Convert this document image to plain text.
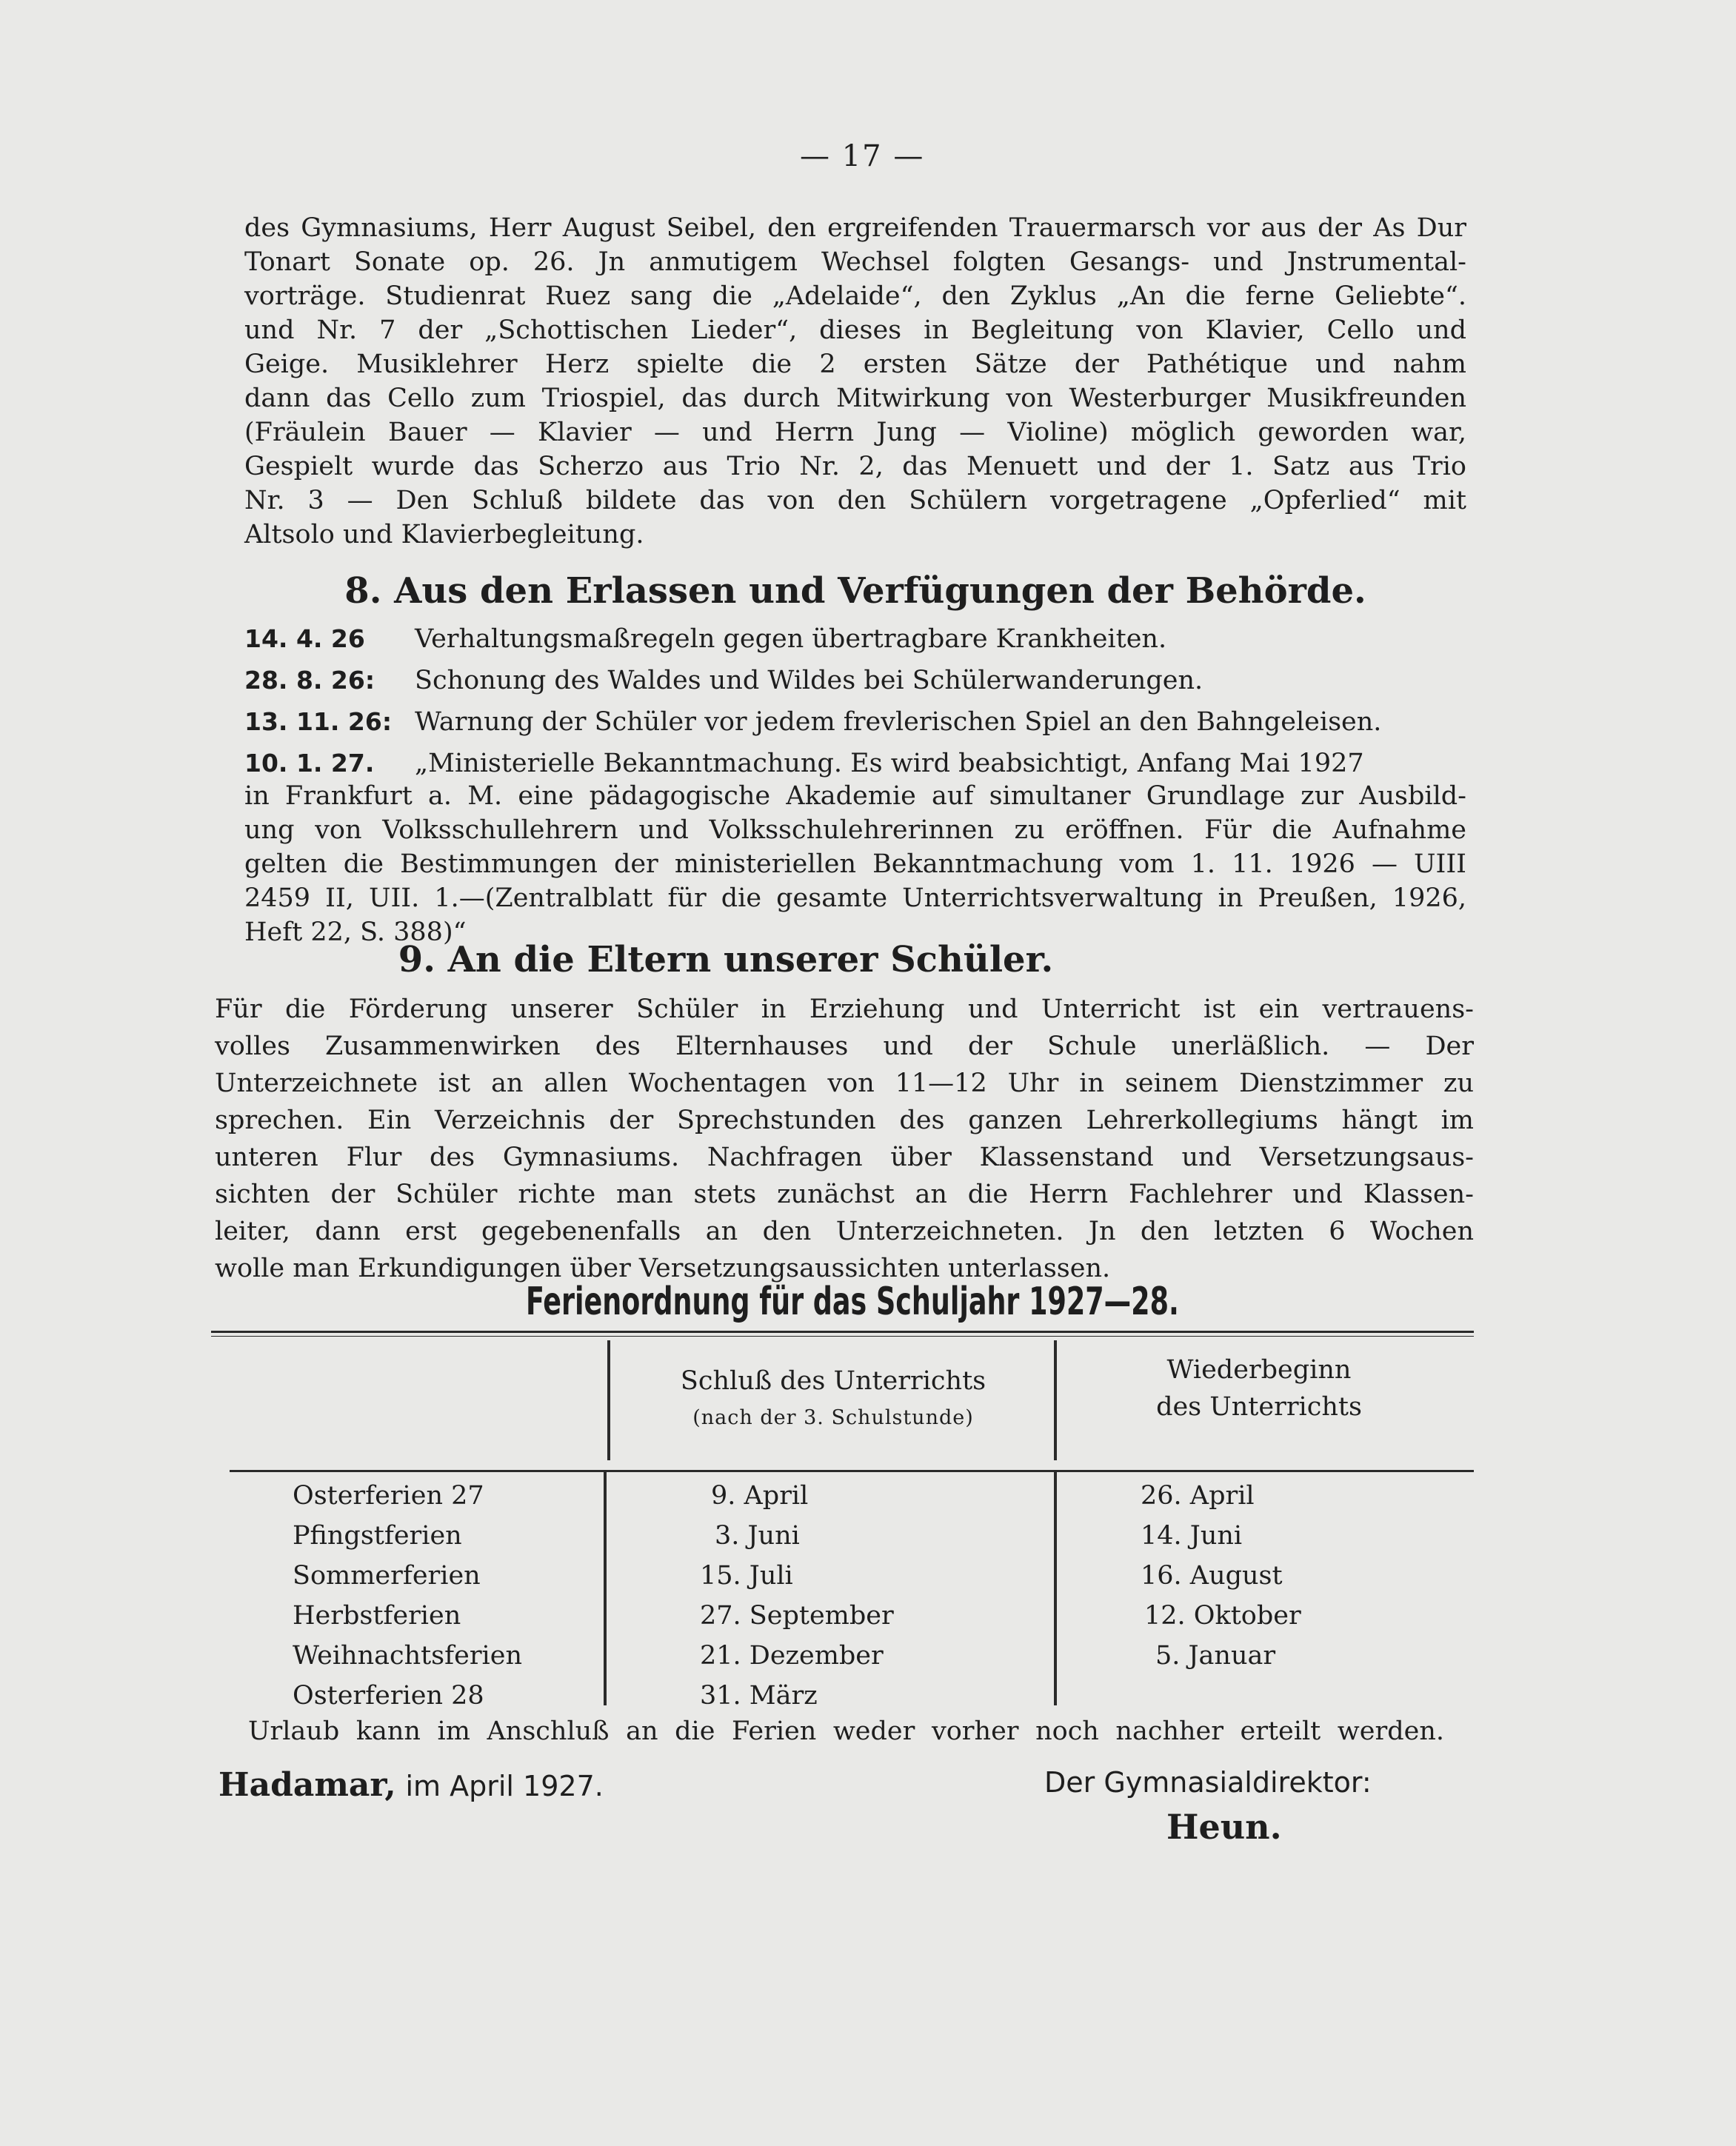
— 17 —
des Gymnasiums, Herr August Seibel, den ergreifenden Trauermarsch vor aus der As Dur
Tonart Sonate op. 26. Jn anmutigem Wechsel folgten Gesangs- und Jnstrumental-
vorträge. Studienrat Ruez sang die „Adelaide“, den Zyklus „An die ferne Geliebte“.
und Nr. 7 der „Schottischen Lieder“, dieses in Begleitung von Klavier, Cello und
Geige. Musiklehrer Herz spielte die 2 ersten Sätze der Pathétique und nahm
dann das Cello zum Triospiel, das durch Mitwirkung von Westerburger Musikfreunden
(Fräulein Bauer — Klavier — und Herrn Jung — Violine) möglich geworden war,
Gespielt wurde das Scherzo aus Trio Nr. 2, das Menuett und der 1. Satz aus Trio
Nr. 3 — Den Schluß bildete das von den Schülern vorgetragene „Opferlied“ mit
Altsolo und Klavierbegleitung.
8. Aus den Erlassen und Verfügungen der Behörde.
14. 4. 26 Verhaltungsmaßregeln gegen übertragbare Krankheiten.
28. 8. 26: Schonung des Waldes und Wildes bei Schülerwanderungen.
13. 11. 26: Warnung der Schüler vor jedem frevlerischen Spiel an den Bahngeleisen.
10. 1. 27. „Ministerielle Bekanntmachung. Es wird beabsichtigt, Anfang Mai 1927
in Frankfurt a. M. eine pädagogische Akademie auf simultaner Grundlage zur Ausbild-
ung von Volksschullehrern und Volksschulehrerinnen zu eröffnen. Für die Aufnahme
gelten die Bestimmungen der ministeriellen Bekanntmachung vom 1. 11. 1926 — UIII
2459 II, UII. 1.—(Zentralblatt für die gesamte Unterrichtsverwaltung in Preußen, 1926,
Heft 22, S. 388)“
9. An die Eltern unserer Schüler.
Für die Förderung unserer Schüler in Erziehung und Unterricht ist ein vertrauens-
volles Zusammenwirken des Elternhauses und der Schule unerläßlich. — Der
Unterzeichnete ist an allen Wochentagen von 11—12 Uhr in seinem Dienstzimmer zu
sprechen. Ein Verzeichnis der Sprechstunden des ganzen Lehrerkollegiums hängt im
unteren Flur des Gymnasiums. Nachfragen über Klassenstand und Versetzungsaus-
sichten der Schüler richte man stets zunächst an die Herrn Fachlehrer und Klassen-
leiter, dann erst gegebenenfalls an den Unterzeichneten. Jn den letzten 6 Wochen
wolle man Erkundigungen über Versetzungsaussichten unterlassen.
Ferienordnung für das Schuljahr 1927—28.
Schluß des Unterrichts
(nach der 3. Schulstunde)
Wiederbeginn
des Unterrichts
Osterferien 27	9. April	26. April
Pfingstferien	3. Juni	14. Juni
Sommerferien	15. Juli	16. August
Herbstferien	27. September	12. Oktober
Weihnachtsferien	21. Dezember	5. Januar
Osterferien 28	31. März
Urlaub kann im Anschluß an die Ferien weder vorher noch nachher erteilt werden.
Hadamar, im April 1927.	Der Gymnasialdirektor:
Heun.
